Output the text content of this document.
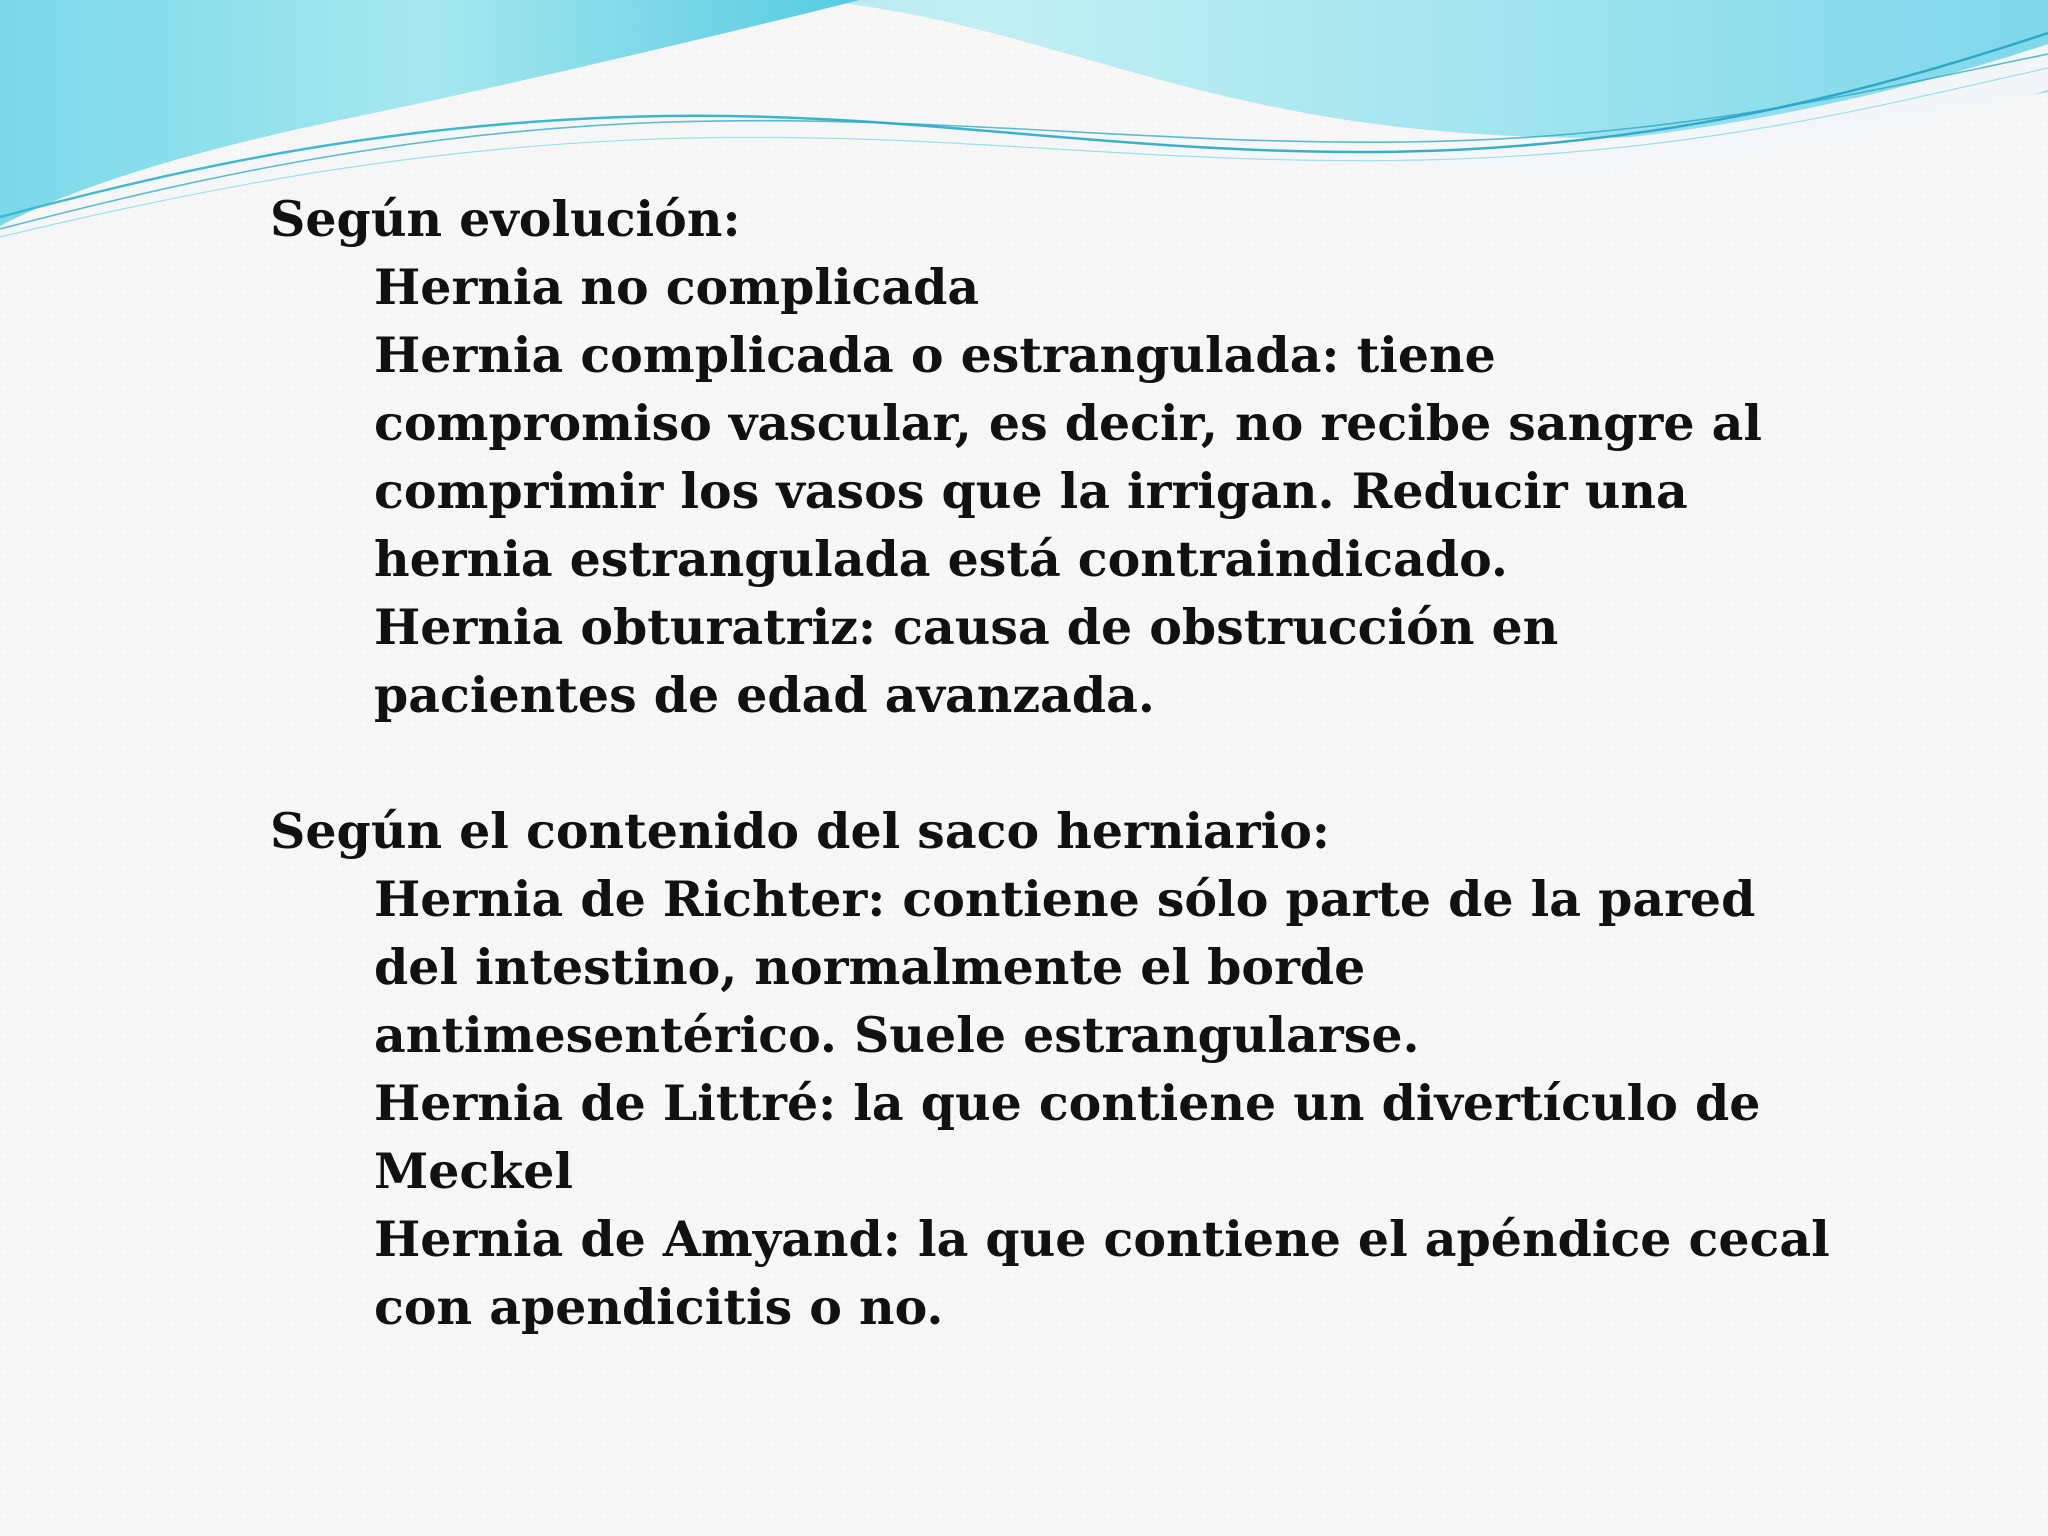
Según evolución:
Hernia no complicada
Hernia complicada o estrangulada: tiene compromiso vascular, es decir, no recibe sangre al comprimir los vasos que la irrigan. Reducir una hernia estrangulada está contraindicado.
Hernia obturatriz: causa de obstrucción en pacientes de edad avanzada.
Según el contenido del saco herniario:
Hernia de Richter: contiene sólo parte de la pared del intestino, normalmente el borde antimesentérico. Suele estrangularse.
Hernia de Littré: la que contiene un divertículo de Meckel
Hernia de Amyand: la que contiene el apéndice cecal con apendicitis o no.
